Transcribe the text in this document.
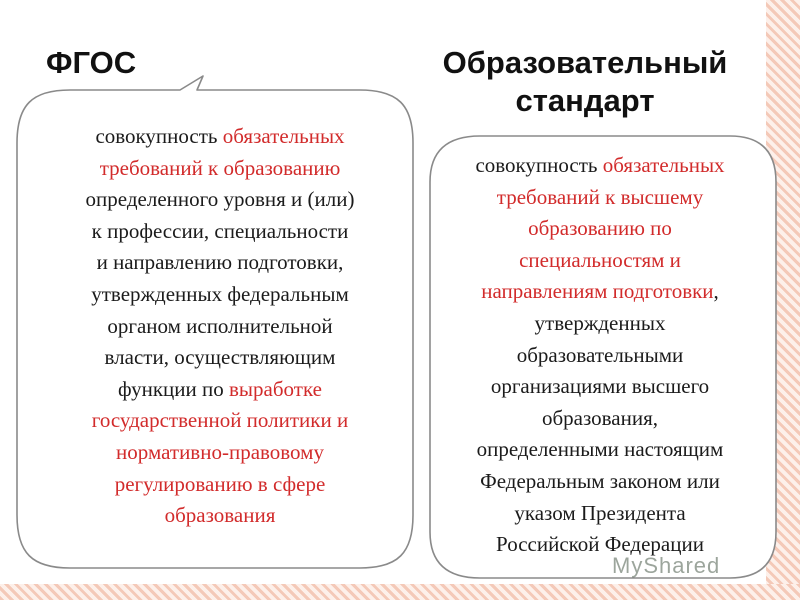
ФГОС	Образовательный
стандарт
совокупность обязательных
требований к образованию
определенного уровня и (или)
к профессии, специальности
и направлению подготовки,
утвержденных федеральным
органом исполнительной
власти, осуществляющим
функции по выработке
государственной политики и
нормативно-правовому
регулированию в сфере
образования
совокупность обязательных
требований к высшему
образованию по
специальностям и
направлениям подготовки,
утвержденных
образовательными
организациями высшего
образования,
определенными настоящим
Федеральным законом или
указом Президента
Российской Федерации
MyShared
